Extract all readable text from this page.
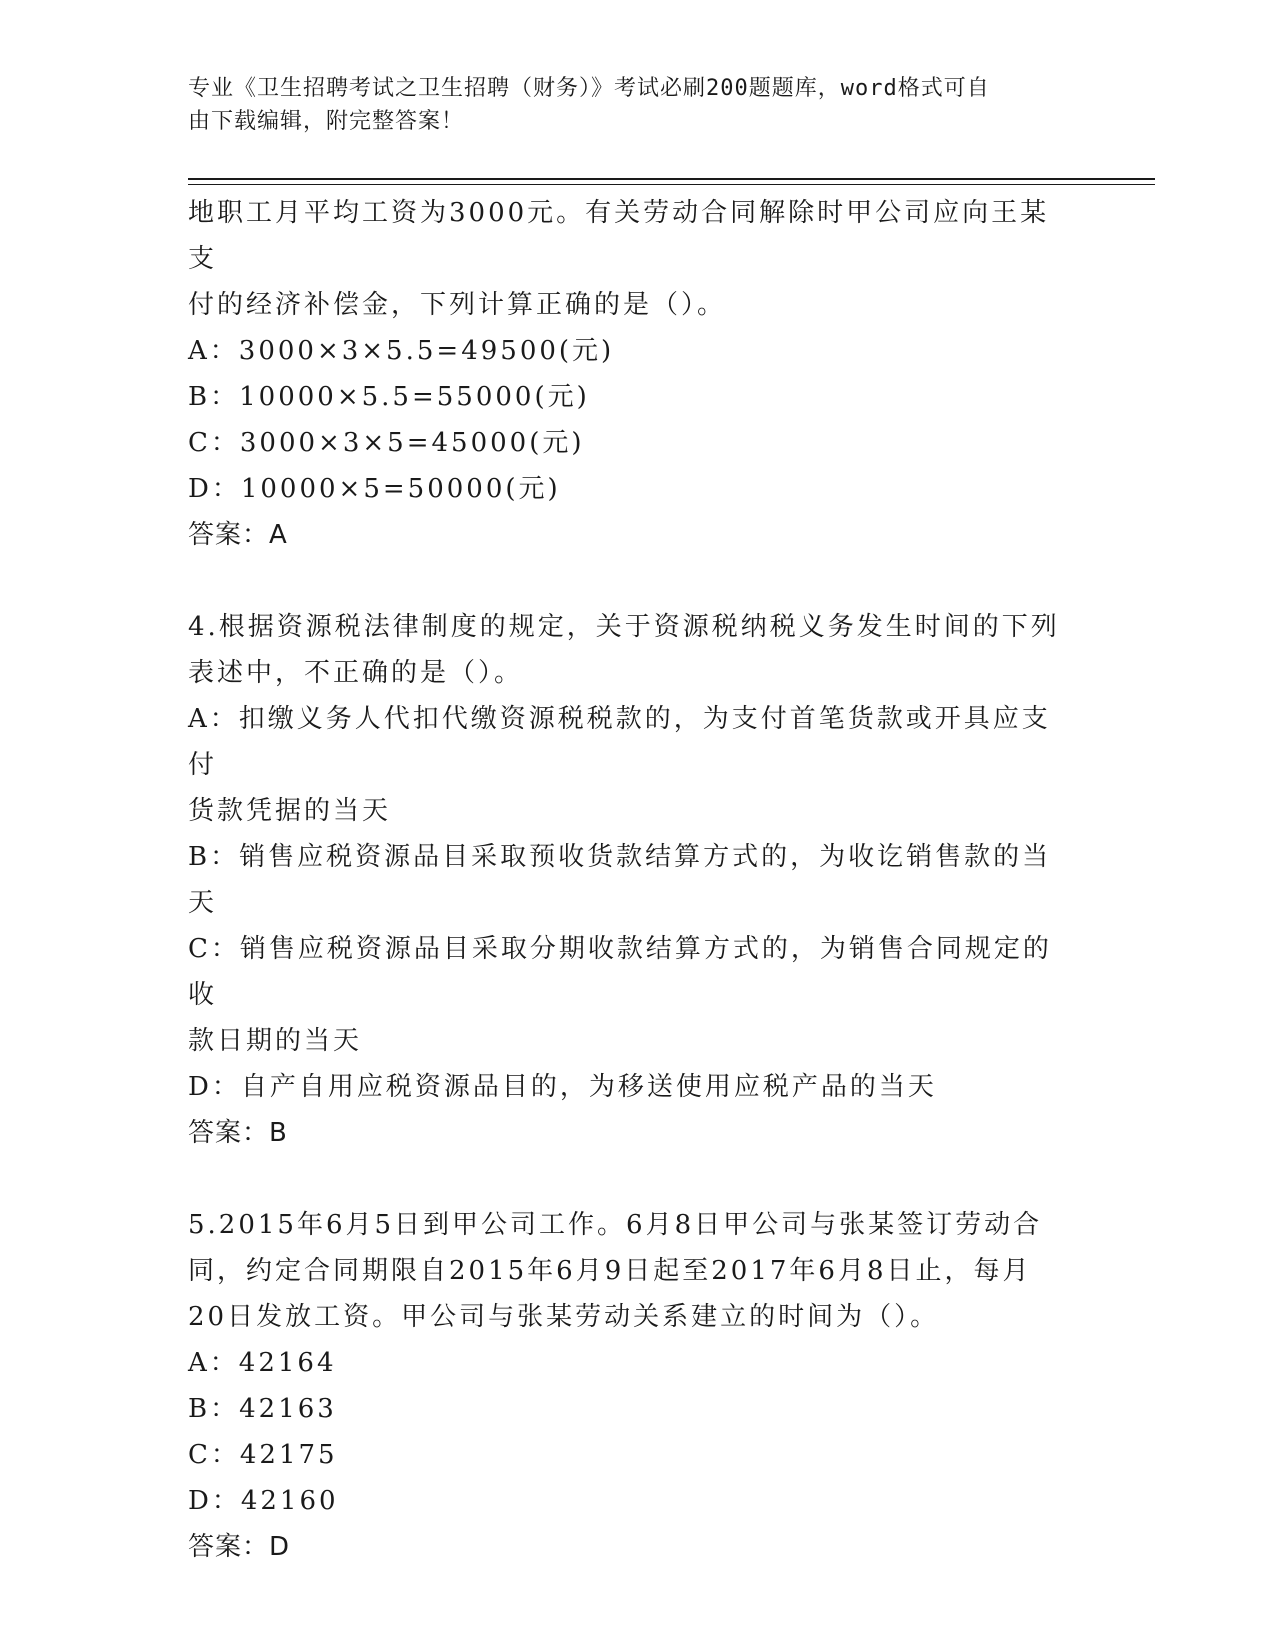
专业《卫生招聘考试之卫生招聘（财务）》考试必刷200题题库，word格式可自
由下载编辑，附完整答案！
地职工月平均工资为3000元。有关劳动合同解除时甲公司应向王某支
付的经济补偿金，下列计算正确的是（）。
A：3000×3×5.5=49500(元)
B：10000×5.5=55000(元)
C：3000×3×5=45000(元)
D：10000×5=50000(元)
答案：A
4.根据资源税法律制度的规定，关于资源税纳税义务发生时间的下列
表述中，不正确的是（）。
A：扣缴义务人代扣代缴资源税税款的，为支付首笔货款或开具应支付
货款凭据的当天
B：销售应税资源品目采取预收货款结算方式的，为收讫销售款的当天
C：销售应税资源品目采取分期收款结算方式的，为销售合同规定的收
款日期的当天
D：自产自用应税资源品目的，为移送使用应税产品的当天
答案：B
5.2015年6月5日到甲公司工作。6月8日甲公司与张某签订劳动合
同，约定合同期限自2015年6月9日起至2017年6月8日止，每月
20日发放工资。甲公司与张某劳动关系建立的时间为（）。
A：42164
B：42163
C：42175
D：42160
答案：D
